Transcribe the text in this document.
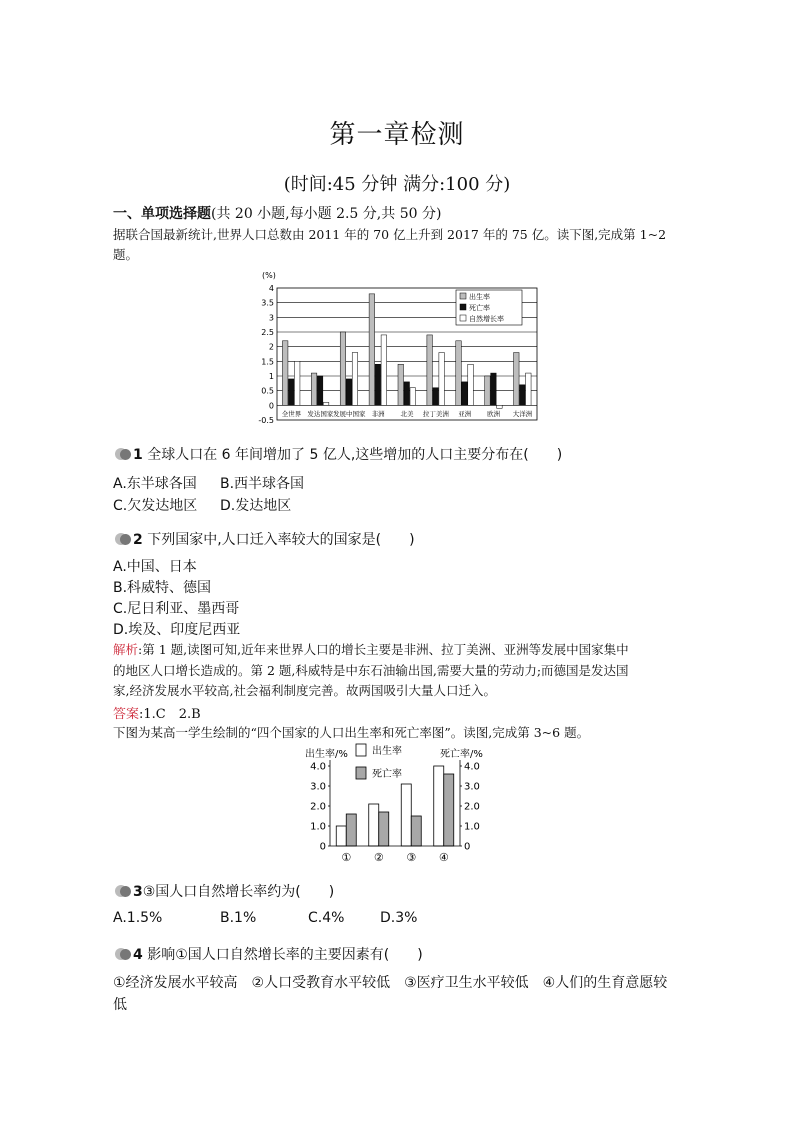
第一章检测
(时间:45 分钟 满分:100 分)
一、单项选择题(共 20 小题,每小题 2.5 分,共 50 分)
据联合国最新统计,世界人口总数由 2011 年的 70 亿上升到 2017 年的 75 亿。读下图,完成第 1~2 题。
(%)
4
3.5
3
2.5
2
1.5
1
0.5
0
-0.5
全世界 发达国家 发展中国家 非洲 北美 拉丁美洲 亚洲 欧洲 大洋洲
出生率
死亡率
自然增长率
1 全球人口在 6 年间增加了 5 亿人,这些增加的人口主要分布在(　　)
A.东半球各国 B.西半球各国
C.欠发达地区 D.发达地区
2 下列国家中,人口迁入率较大的国家是(　　)
A.中国、日本
B.科威特、德国
C.尼日利亚、墨西哥
D.埃及、印度尼西亚
解析:第 1 题,读图可知,近年来世界人口的增长主要是非洲、拉丁美洲、亚洲等发展中国家集中
的地区人口增长造成的。第 2 题,科威特是中东石油输出国,需要大量的劳动力;而德国是发达国
家,经济发展水平较高,社会福利制度完善。故两国吸引大量人口迁入。
答案:1.C　2.B
下图为某高一学生绘制的“四个国家的人口出生率和死亡率图”。读图,完成第 3~6 题。
出生率/%	死亡率/%
出生率
死亡率
4.0	4.0
3.0	3.0
2.0	2.0
1.0	1.0
0	0
① ② ③ ④
3③国人口自然增长率约为(　　)
A.1.5%	B.1%	C.4%	D.3%
4 影响①国人口自然增长率的主要因素有(　　)
①经济发展水平较高　②人口受教育水平较低　③医疗卫生水平较低　④人们的生育意愿较
低
